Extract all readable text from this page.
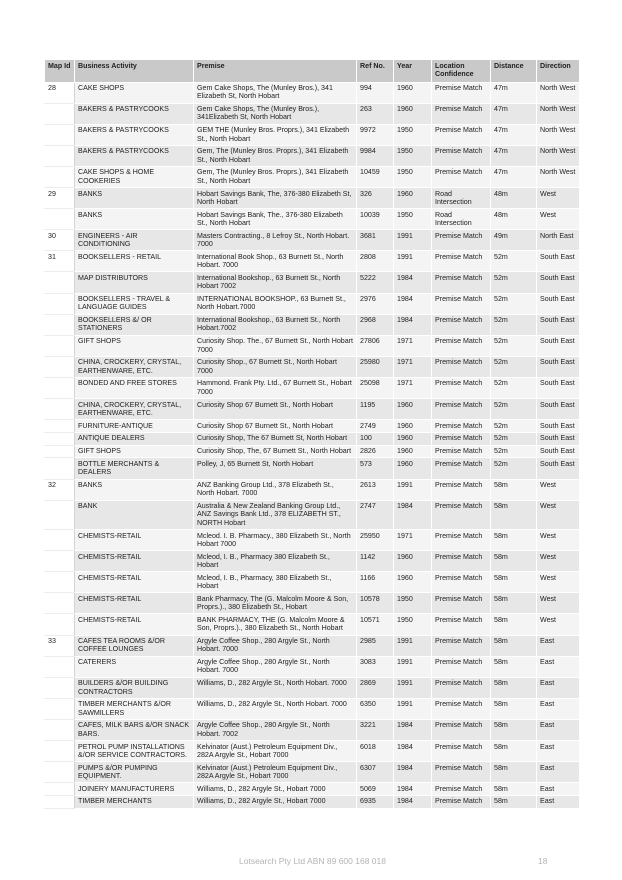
Map Id	Business Activity	Premise	Ref No.	Year	Location Confidence	Distance	Direction
28	CAKE SHOPS	Gem Cake Shops, The (Munley Bros.), 341 Elizabeth St, North Hobart	994	1960	Premise Match	47m	North West
	BAKERS & PASTRYCOOKS	Gem Cake Shops, The (Munley Bros.), 341Elizabeth St, North Hobart	263	1960	Premise Match	47m	North West
	BAKERS & PASTRYCOOKS	GEM THE (Munley Bros. Proprs.), 341 Elizabeth St., North Hobart	9972	1950	Premise Match	47m	North West
	BAKERS & PASTRYCOOKS	Gem, The (Munley Bros. Proprs.), 341 Elizabeth St., North Hobart	9984	1950	Premise Match	47m	North West
	CAKE SHOPS & HOME COOKERIES	Gem, The (Munley Bros. Proprs.), 341 Elizabeth St., North Hobart	10459	1950	Premise Match	47m	North West
29	BANKS	Hobart Savings Bank, The, 376-380 Elizabeth St, North Hobart	326	1960	Road Intersection	48m	West
	BANKS	Hobart Savings Bank, The., 376-380 Elizabeth St., North Hobart	10039	1950	Road Intersection	48m	West
30	ENGINEERS - AIR CONDITIONING	Masters Contracting., 8 Lefroy St., North Hobart. 7000	3681	1991	Premise Match	49m	North East
31	BOOKSELLERS - RETAIL	International Book Shop., 63 Burnett St., North Hobart. 7000	2808	1991	Premise Match	52m	South East
	MAP DISTRIBUTORS	International Bookshop., 63 Burnett St., North Hobart 7002	5222	1984	Premise Match	52m	South East
	BOOKSELLERS - TRAVEL & LANGUAGE GUIDES	INTERNATIONAL BOOKSHOP., 63 Burnett St., North Hobart.7000	2976	1984	Premise Match	52m	South East
	BOOKSELLERS &/ OR STATIONERS	International Bookshop., 63 Burnett St., North Hobart.7002	2968	1984	Premise Match	52m	South East
	GIFT SHOPS	Curiosity Shop. The., 67 Burnett St., North Hobart 7000	27806	1971	Premise Match	52m	South East
	CHINA, CROCKERY, CRYSTAL, EARTHENWARE, ETC.	Curiosity Shop., 67 Burnett St., North Hobart 7000	25980	1971	Premise Match	52m	South East
	BONDED AND FREE STORES	Hammond. Frank Pty. Ltd., 67 Burnett St., Hobart 7000	25098	1971	Premise Match	52m	South East
	CHINA, CROCKERY, CRYSTAL, EARTHENWARE, ETC.	Curiosity Shop 67 Burnett St., North Hobart	1195	1960	Premise Match	52m	South East
	FURNITURE-ANTIQUE	Curiosity Shop 67 Burnett St., North Hobart	2749	1960	Premise Match	52m	South East
	ANTIQUE DEALERS	Curiosity Shop, The 67 Burnett St, North Hobart	100	1960	Premise Match	52m	South East
	GIFT SHOPS	Curiosity Shop, The, 67 Burnett St., North Hobart	2826	1960	Premise Match	52m	South East
	BOTTLE MERCHANTS & DEALERS	Polley, J, 65 Burnett St, North Hobart	573	1960	Premise Match	52m	South East
32	BANKS	ANZ Banking Group Ltd., 378 Elizabeth St., North Hobart. 7000	2613	1991	Premise Match	58m	West
	BANK	Australia & New Zealand Banking Group Ltd., ANZ Savings Bank Ltd., 378 ELIZABETH ST., NORTH Hobart	2747	1984	Premise Match	58m	West
	CHEMISTS-RETAIL	Mcleod. I. B. Pharmacy., 380 Elizabeth St., North Hobart 7000	25950	1971	Premise Match	58m	West
	CHEMISTS-RETAIL	Mcleod, I. B., Pharmacy 380 Elizabeth St., Hobart	1142	1960	Premise Match	58m	West
	CHEMISTS-RETAIL	Mcleod, I. B., Pharmacy, 380 Elizabeth St., Hobart	1166	1960	Premise Match	58m	West
	CHEMISTS-RETAIL	Bank Pharmacy, The (G. Malcolm Moore & Son, Proprs.)., 380 Elizabeth St., Hobart	10578	1950	Premise Match	58m	West
	CHEMISTS-RETAIL	BANK PHARMACY, THE (G. Malcolm Moore & Son, Proprs.)., 380 Elizabeth St., North Hobart	10571	1950	Premise Match	58m	West
33	CAFES TEA ROOMS &/OR COFFEE LOUNGES	Argyle Coffee Shop., 280 Argyle St., North Hobart. 7000	2985	1991	Premise Match	58m	East
	CATERERS	Argyle Coffee Shop., 280 Argyle St., North Hobart. 7000	3083	1991	Premise Match	58m	East
	BUILDERS &/OR BUILDING CONTRACTORS	Williams, D., 282 Argyle St., North Hobart. 7000	2869	1991	Premise Match	58m	East
	TIMBER MERCHANTS &/OR SAWMILLERS	Williams, D., 282 Argyle St., North Hobart. 7000	6350	1991	Premise Match	58m	East
	CAFES, MILK BARS &/OR SNACK BARS.	Argyle Coffee Shop., 280 Argyle St., North Hobart. 7002	3221	1984	Premise Match	58m	East
	PETROL PUMP INSTALLATIONS &/OR SERVICE CONTRACTORS.	Kelvinator (Aust.) Petroleum Equipment Div., 282A Argyle St., Hobart 7000	6018	1984	Premise Match	58m	East
	PUMPS &/OR PUMPING EQUIPMENT.	Kelvinator (Aust.) Petroleum Equipment Div., 282A Argyle St., Hobart 7000	6307	1984	Premise Match	58m	East
	JOINERY MANUFACTURERS	Williams, D., 282 Argyle St., Hobart 7000	5069	1984	Premise Match	58m	East
	TIMBER MERCHANTS	Williams, D., 282 Argyle St., Hobart 7000	6935	1984	Premise Match	58m	East
Lotsearch Pty Ltd ABN 89 600 168 018	18
